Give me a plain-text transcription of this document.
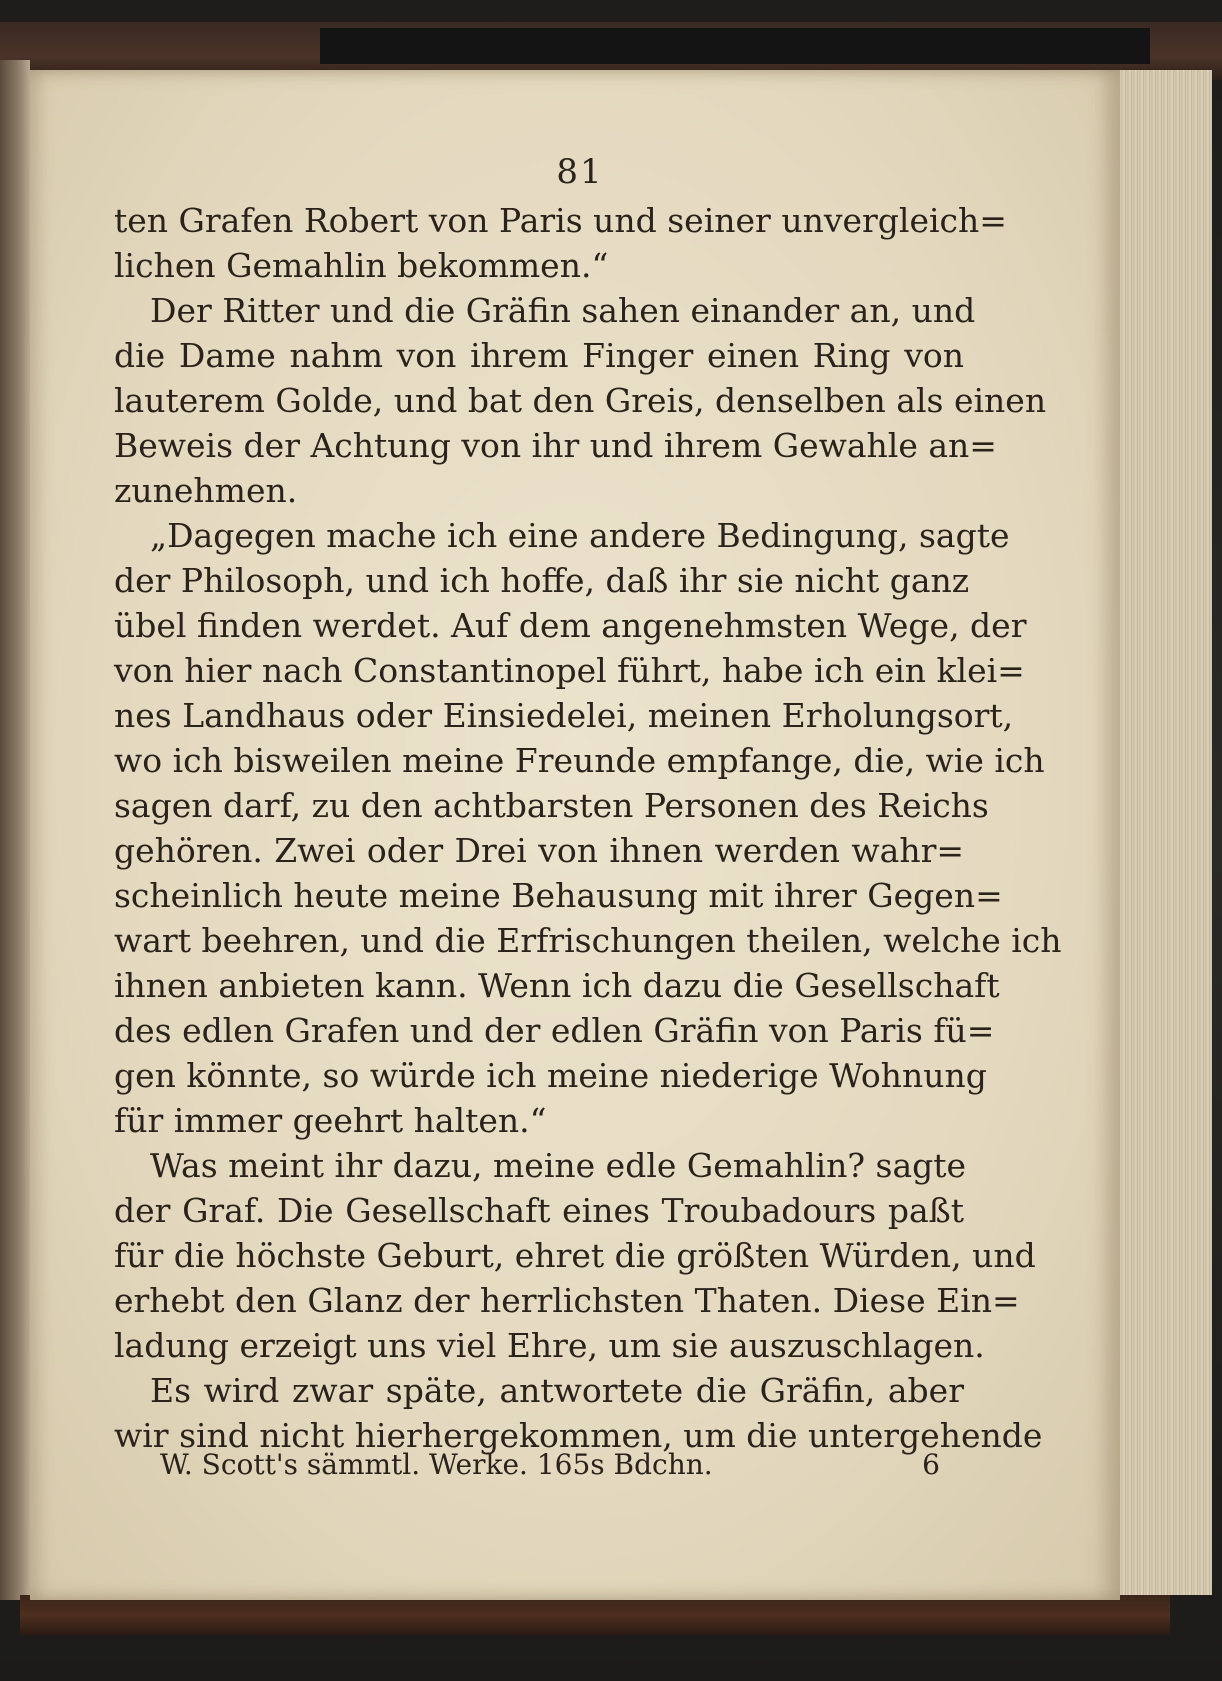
81
ten Grafen Robert von Paris und seiner unvergleich=
lichen Gemahlin bekommen.“
Der Ritter und die Gräfin sahen einander an, und
die Dame nahm von ihrem Finger einen Ring von
lauterem Golde, und bat den Greis, denselben als einen
Beweis der Achtung von ihr und ihrem Gewahle an=
zunehmen.
„Dagegen mache ich eine andere Bedingung, sagte
der Philosoph, und ich hoffe, daß ihr sie nicht ganz
übel finden werdet. Auf dem angenehmsten Wege, der
von hier nach Constantinopel führt, habe ich ein klei=
nes Landhaus oder Einsiedelei, meinen Erholungsort,
wo ich bisweilen meine Freunde empfange, die, wie ich
sagen darf, zu den achtbarsten Personen des Reichs
gehören. Zwei oder Drei von ihnen werden wahr=
scheinlich heute meine Behausung mit ihrer Gegen=
wart beehren, und die Erfrischungen theilen, welche ich
ihnen anbieten kann. Wenn ich dazu die Gesellschaft
des edlen Grafen und der edlen Gräfin von Paris fü=
gen könnte, so würde ich meine niederige Wohnung
für immer geehrt halten.“
Was meint ihr dazu, meine edle Gemahlin? sagte
der Graf. Die Gesellschaft eines Troubadours paßt
für die höchste Geburt, ehret die größten Würden, und
erhebt den Glanz der herrlichsten Thaten. Diese Ein=
ladung erzeigt uns viel Ehre, um sie auszuschlagen.
Es wird zwar späte, antwortete die Gräfin, aber
wir sind nicht hierhergekommen, um die untergehende
W. Scott's sämmtl. Werke. 165s Bdchn.	6
